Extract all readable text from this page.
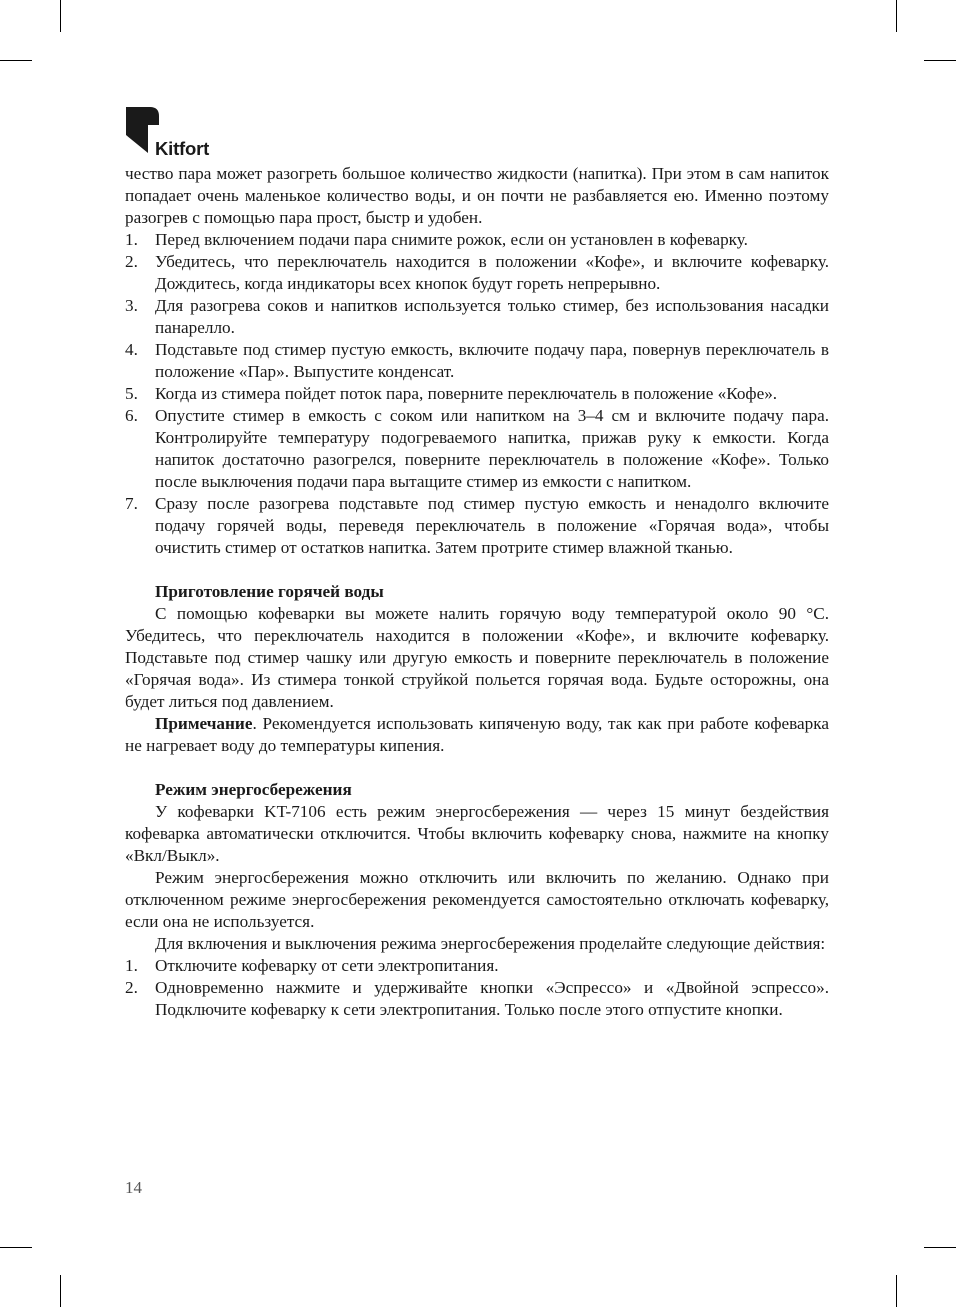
Kitfort

чество пара может разогреть большое количество жидкости (напитка). При этом в сам напиток попадает очень маленькое количество воды, и он почти не разбавляется ею. Именно поэтому разогрев с помощью пара прост, быстр и удобен.

1. Перед включением подачи пара снимите рожок, если он установлен в кофеварку.
2. Убедитесь, что переключатель находится в положении «Кофе», и включите кофеварку. Дождитесь, когда индикаторы всех кнопок будут гореть непрерывно.
3. Для разогрева соков и напитков используется только стимер, без использования насадки панарелло.
4. Подставьте под стимер пустую емкость, включите подачу пара, повернув переключатель в положение «Пар». Выпустите конденсат.
5. Когда из стимера пойдет поток пара, поверните переключатель в положение «Кофе».
6. Опустите стимер в емкость с соком или напитком на 3–4 см и включите подачу пара. Контролируйте температуру подогреваемого напитка, прижав руку к емкости. Когда напиток достаточно разогрелся, поверните переключатель в положение «Кофе». Только после выключения подачи пара вытащите стимер из емкости с напитком.
7. Сразу после разогрева подставьте под стимер пустую емкость и ненадолго включите подачу горячей воды, переведя переключатель в положение «Горячая вода», чтобы очистить стимер от остатков напитка. Затем протрите стимер влажной тканью.
Приготовление горячей воды

С помощью кофеварки вы можете налить горячую воду температурой около 90 °С. Убедитесь, что переключатель находится в положении «Кофе», и включите кофеварку. Подставьте под стимер чашку или другую емкость и поверните переключатель в положение «Горячая вода». Из стимера тонкой струйкой польется горячая вода. Будьте осторожны, она будет литься под давлением.

Примечание. Рекомендуется использовать кипяченую воду, так как при работе кофеварка не нагревает воду до температуры кипения.

Режим энергосбережения

У кофеварки KT-7106 есть режим энергосбережения — через 15 минут бездействия кофеварка автоматически отключится. Чтобы включить кофеварку снова, нажмите на кнопку «Вкл/Выкл».

Режим энергосбережения можно отключить или включить по желанию. Однако при отключенном режиме энергосбережения рекомендуется самостоятельно отключать кофеварку, если она не используется.

Для включения и выключения режима энергосбережения проделайте следующие действия:

1. Отключите кофеварку от сети электропитания.
2. Одновременно нажмите и удерживайте кнопки «Эспрессо» и «Двойной эспрессо». Подключите кофеварку к сети электропитания. Только после этого отпустите кнопки.
14
